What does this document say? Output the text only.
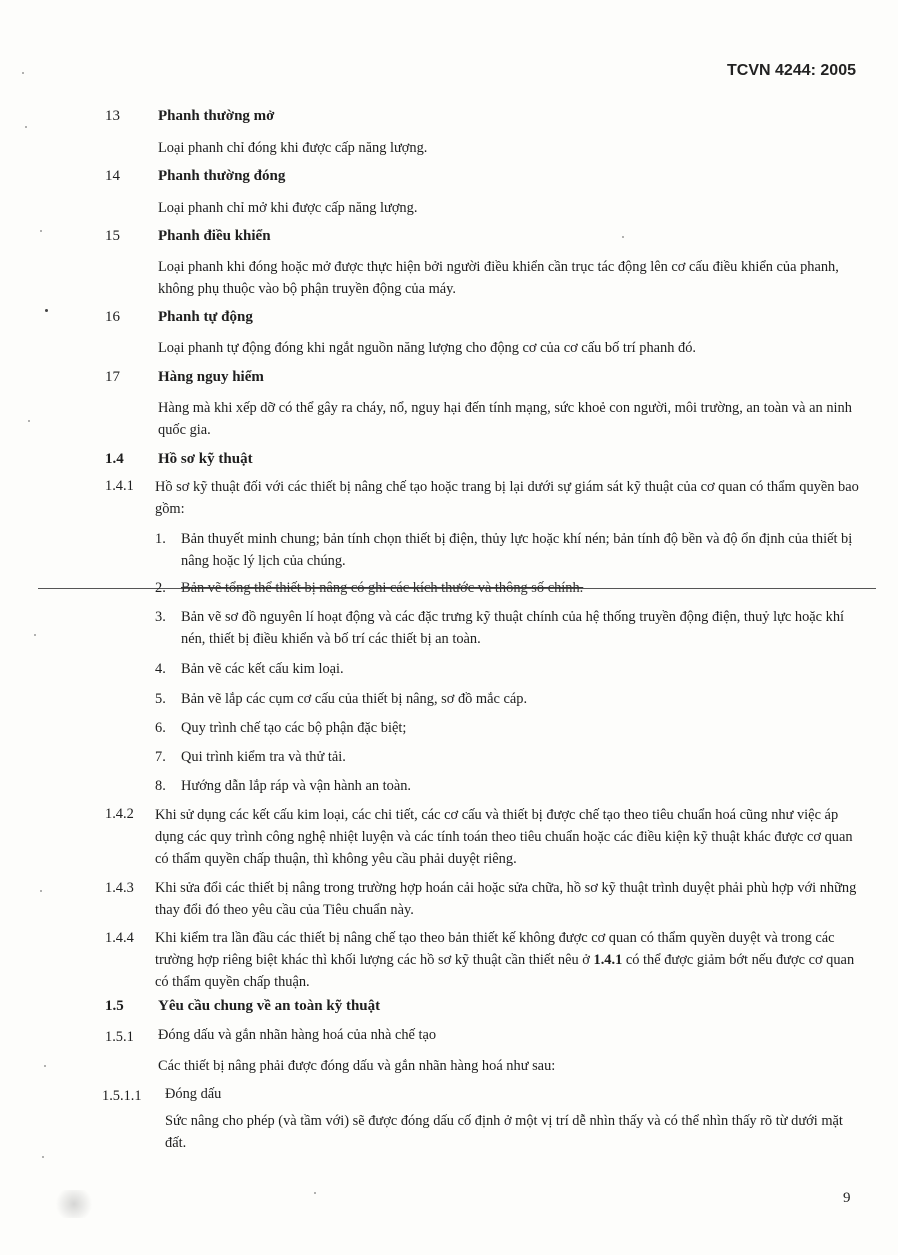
TCVN 4244: 2005
13	Phanh thường mở
Loại phanh chỉ đóng khi được cấp năng lượng.
14	Phanh thường đóng
Loại phanh chỉ mở khi được cấp năng lượng.
15	Phanh điều khiển
Loại phanh khi đóng hoặc mở được thực hiện bởi người điều khiển cần trục tác động lên cơ cấu điều khiển của phanh, không phụ thuộc vào bộ phận truyền động của máy.
16	Phanh tự động
Loại phanh tự động đóng khi ngắt nguồn năng lượng cho động cơ của cơ cấu bố trí phanh đó.
17	Hàng nguy hiểm
Hàng mà khi xếp dỡ có thể gây ra cháy, nổ, nguy hại đến tính mạng, sức khoẻ con người, môi trường, an toàn và an ninh quốc gia.
1.4 Hồ sơ kỹ thuật
1.4.1 Hồ sơ kỹ thuật đối với các thiết bị nâng chế tạo hoặc trang bị lại dưới sự giám sát kỹ thuật của cơ quan có thẩm quyền bao gồm:
1. Bản thuyết minh chung; bản tính chọn thiết bị điện, thủy lực hoặc khí nén; bản tính độ bền và độ ổn định của thiết bị nâng hoặc lý lịch của chúng.
2. Bản vẽ tổng thể thiết bị nâng có ghi các kích thước và thông số chính.
3. Bản vẽ sơ đồ nguyên lí hoạt động và các đặc trưng kỹ thuật chính của hệ thống truyền động điện, thuỷ lực hoặc khí nén, thiết bị điều khiển và bố trí các thiết bị an toàn.
4. Bản vẽ các kết cấu kim loại.
5. Bản vẽ lắp các cụm cơ cấu của thiết bị nâng, sơ đồ mắc cáp.
6. Quy trình chế tạo các bộ phận đặc biệt;
7. Qui trình kiểm tra và thử tải.
8. Hướng dẫn lắp ráp và vận hành an toàn.
1.4.2 Khi sử dụng các kết cấu kim loại, các chi tiết, các cơ cấu và thiết bị được chế tạo theo tiêu chuẩn hoá cũng như việc áp dụng các quy trình công nghệ nhiệt luyện và các tính toán theo tiêu chuẩn hoặc các điều kiện kỹ thuật khác được cơ quan có thẩm quyền chấp thuận, thì không yêu cầu phải duyệt riêng.
1.4.3 Khi sửa đổi các thiết bị nâng trong trường hợp hoán cải hoặc sửa chữa, hồ sơ kỹ thuật trình duyệt phải phù hợp với những thay đổi đó theo yêu cầu của Tiêu chuẩn này.
1.4.4 Khi kiểm tra lần đầu các thiết bị nâng chế tạo theo bản thiết kế không được cơ quan có thẩm quyền duyệt và trong các trường hợp riêng biệt khác thì khối lượng các hồ sơ kỹ thuật cần thiết nêu ở 1.4.1 có thể được giảm bớt nếu được cơ quan có thẩm quyền chấp thuận.
1.5 Yêu cầu chung về an toàn kỹ thuật
1.5.1 Đóng dấu và gắn nhãn hàng hoá của nhà chế tạo
Các thiết bị nâng phải được đóng dấu và gắn nhãn hàng hoá như sau:
1.5.1.1 Đóng dấu
Sức nâng cho phép (và tầm với) sẽ được đóng dấu cố định ở một vị trí dễ nhìn thấy và có thể nhìn thấy rõ từ dưới mặt đất.
9
